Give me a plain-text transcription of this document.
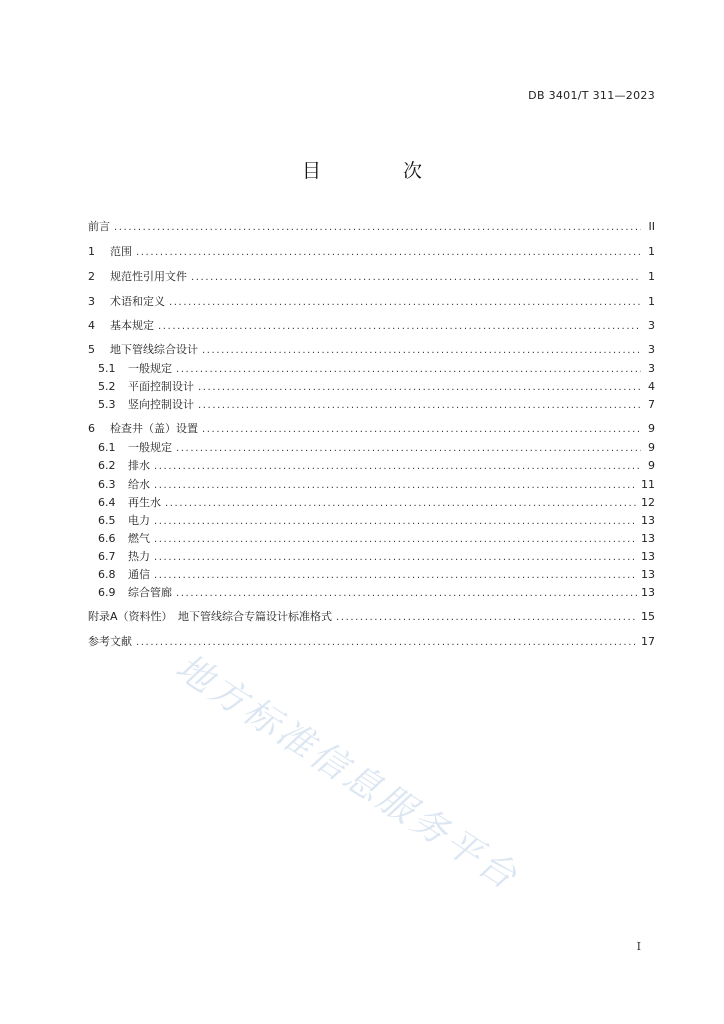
DB 3401/T 311—2023
目 次
前言 .....	II
1	范围 .....	1
2	规范性引用文件 .....	1
3	术语和定义 .....	1
4	基本规定 .....	3
5	地下管线综合设计 .....	3
5.1	一般规定 .....	3
5.2	平面控制设计 .....	4
5.3	竖向控制设计 .....	7
6	检查井（盖）设置 .....	9
6.1	一般规定 .....	9
6.2	排水 .....	9
6.3	给水 .....	11
6.4	再生水 .....	12
6.5	电力 .....	13
6.6	燃气 .....	13
6.7	热力 .....	13
6.8	通信 .....	13
6.9	综合管廊 .....	13
附录A（资料性）　地下管线综合专篇设计标准格式 .....	15
参考文献 .....	17
地方标准信息服务平台
I
